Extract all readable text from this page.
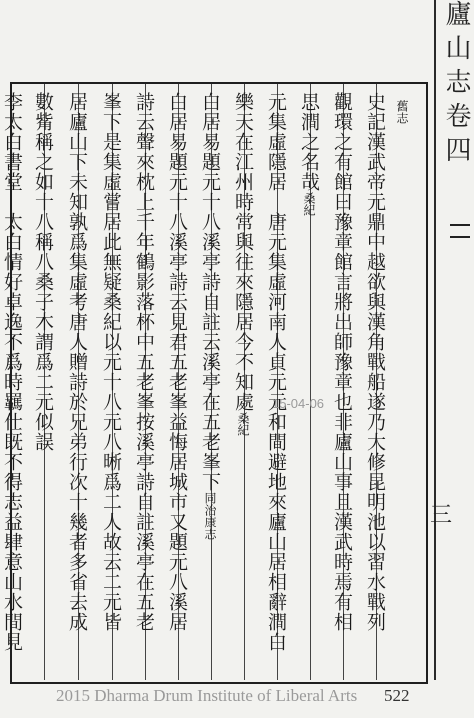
舊志
史記漢武帝元鼎中越欲與漢角戰船遂乃大修昆明池以習水戰列
觀環之有館曰豫章館言將出師豫章也非廬山事且漢武時焉有相
思澗之名哉桑紀
元集虛隱居　唐元集虛河南人貞元元和間避地來廬山居相辭澗白
樂天在江州時常與往來隱居今不知處桑紀
白居易題元十八溪亭詩自註云溪亭在五老峯下同治康志
白居易題元十八溪亭詩云見君五老峯益悔居城市又題元八溪居
詩云聲來枕上千年鶴影落杯中五老峯按溪亭詩自註溪亭在五老
峯下是集虛嘗居此無疑桑紀以元十八元八晰爲二人故云二元皆
居廬山下未知孰爲集虛考唐人贈詩於兄弟行次十幾者多省去成
數觜稱之如十八稱八桑子木謂爲二元似誤
李太白書堂　太白情好卓逸不爲時羈仕既不得志益肆意山水間見
廬山志卷四
三
15-04-06
2015 Dharma Drum Institute of Liberal Arts	522
